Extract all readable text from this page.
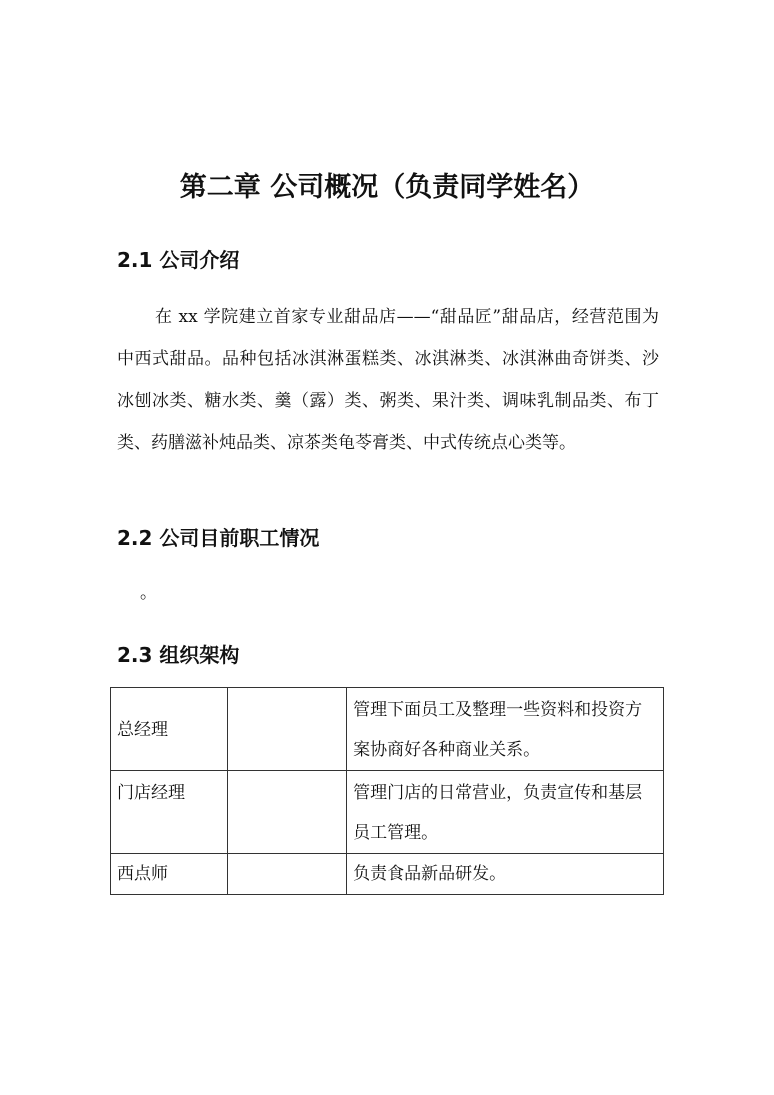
第二章 公司概况（负责同学姓名）
2.1 公司介绍

在 xx 学院建立首家专业甜品店——“甜品匠”甜品店，经营范围为中西式甜品。品种包括冰淇淋蛋糕类、冰淇淋类、冰淇淋曲奇饼类、沙冰刨冰类、糖水类、羹（露）类、粥类、果汁类、调味乳制品类、布丁类、药膳滋补炖品类、凉茶类龟苓膏类、中式传统点心类等。

2.2 公司目前职工情况

。

2.3 组织架构
总经理		管理下面员工及整理一些资料和投资方案协商好各种商业关系。
门店经理		管理门店的日常营业，负责宣传和基层员工管理。
西点师		负责食品新品研发。
